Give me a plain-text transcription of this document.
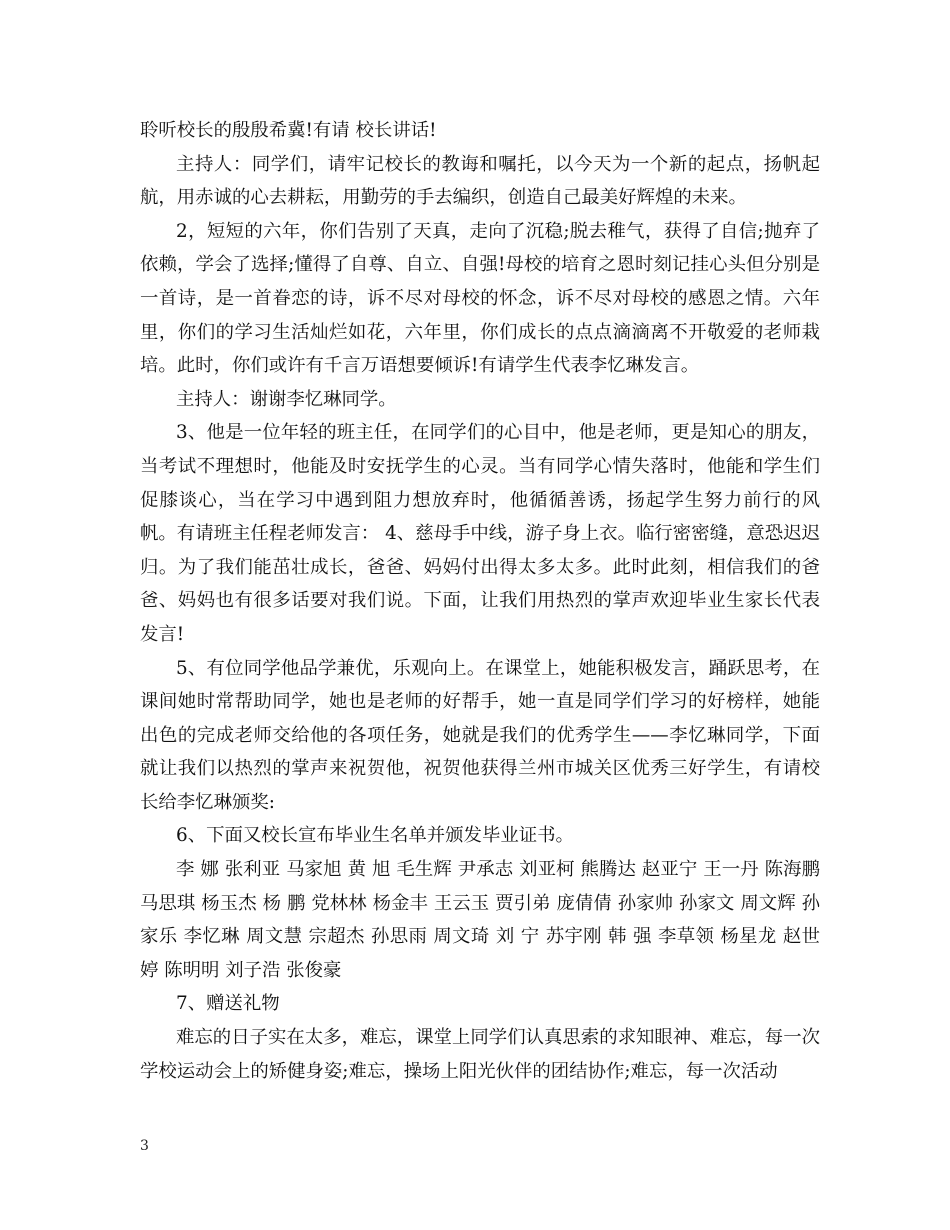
聆听校长的殷殷希冀!有请 校长讲话!

主持人：同学们，请牢记校长的教诲和嘱托，以今天为一个新的起点，扬帆起航，用赤诚的心去耕耘，用勤劳的手去编织，创造自己最美好辉煌的未来。

2，短短的六年，你们告别了天真，走向了沉稳;脱去稚气，获得了自信;抛弃了依赖，学会了选择;懂得了自尊、自立、自强!母校的培育之恩时刻记挂心头但分别是一首诗，是一首眷恋的诗，诉不尽对母校的怀念，诉不尽对母校的感恩之情。六年里，你们的学习生活灿烂如花，六年里，你们成长的点点滴滴离不开敬爱的老师栽培。此时，你们或许有千言万语想要倾诉!有请学生代表李忆琳发言。

主持人：谢谢李忆琳同学。

3、他是一位年轻的班主任，在同学们的心目中，他是老师，更是知心的朋友，当考试不理想时，他能及时安抚学生的心灵。当有同学心情失落时，他能和学生们促膝谈心，当在学习中遇到阻力想放弃时，他循循善诱，扬起学生努力前行的风帆。有请班主任程老师发言： 4、慈母手中线，游子身上衣。临行密密缝，意恐迟迟归。为了我们能茁壮成长，爸爸、妈妈付出得太多太多。此时此刻，相信我们的爸爸、妈妈也有很多话要对我们说。下面，让我们用热烈的掌声欢迎毕业生家长代表发言!

5、有位同学他品学兼优，乐观向上。在课堂上，她能积极发言，踊跃思考，在课间她时常帮助同学，她也是老师的好帮手，她一直是同学们学习的好榜样，她能出色的完成老师交给他的各项任务，她就是我们的优秀学生——李忆琳同学，下面就让我们以热烈的掌声来祝贺他，祝贺他获得兰州市城关区优秀三好学生，有请校长给李忆琳颁奖:

6、下面又校长宣布毕业生名单并颁发毕业证书。

李 娜 张利亚 马家旭 黄 旭 毛生辉 尹承志 刘亚柯 熊腾达 赵亚宁 王一丹 陈海鹏 马思琪 杨玉杰 杨 鹏 党林林 杨金丰 王云玉 贾引弟 庞倩倩 孙家帅 孙家文 周文辉 孙家乐 李忆琳 周文慧 宗超杰 孙思雨 周文琦 刘 宁 苏宇刚 韩 强 李草领 杨星龙 赵世婷 陈明明 刘子浩 张俊豪

7、赠送礼物

难忘的日子实在太多，难忘，课堂上同学们认真思索的求知眼神、难忘，每一次学校运动会上的矫健身姿;难忘，操场上阳光伙伴的团结协作;难忘，每一次活动

3
